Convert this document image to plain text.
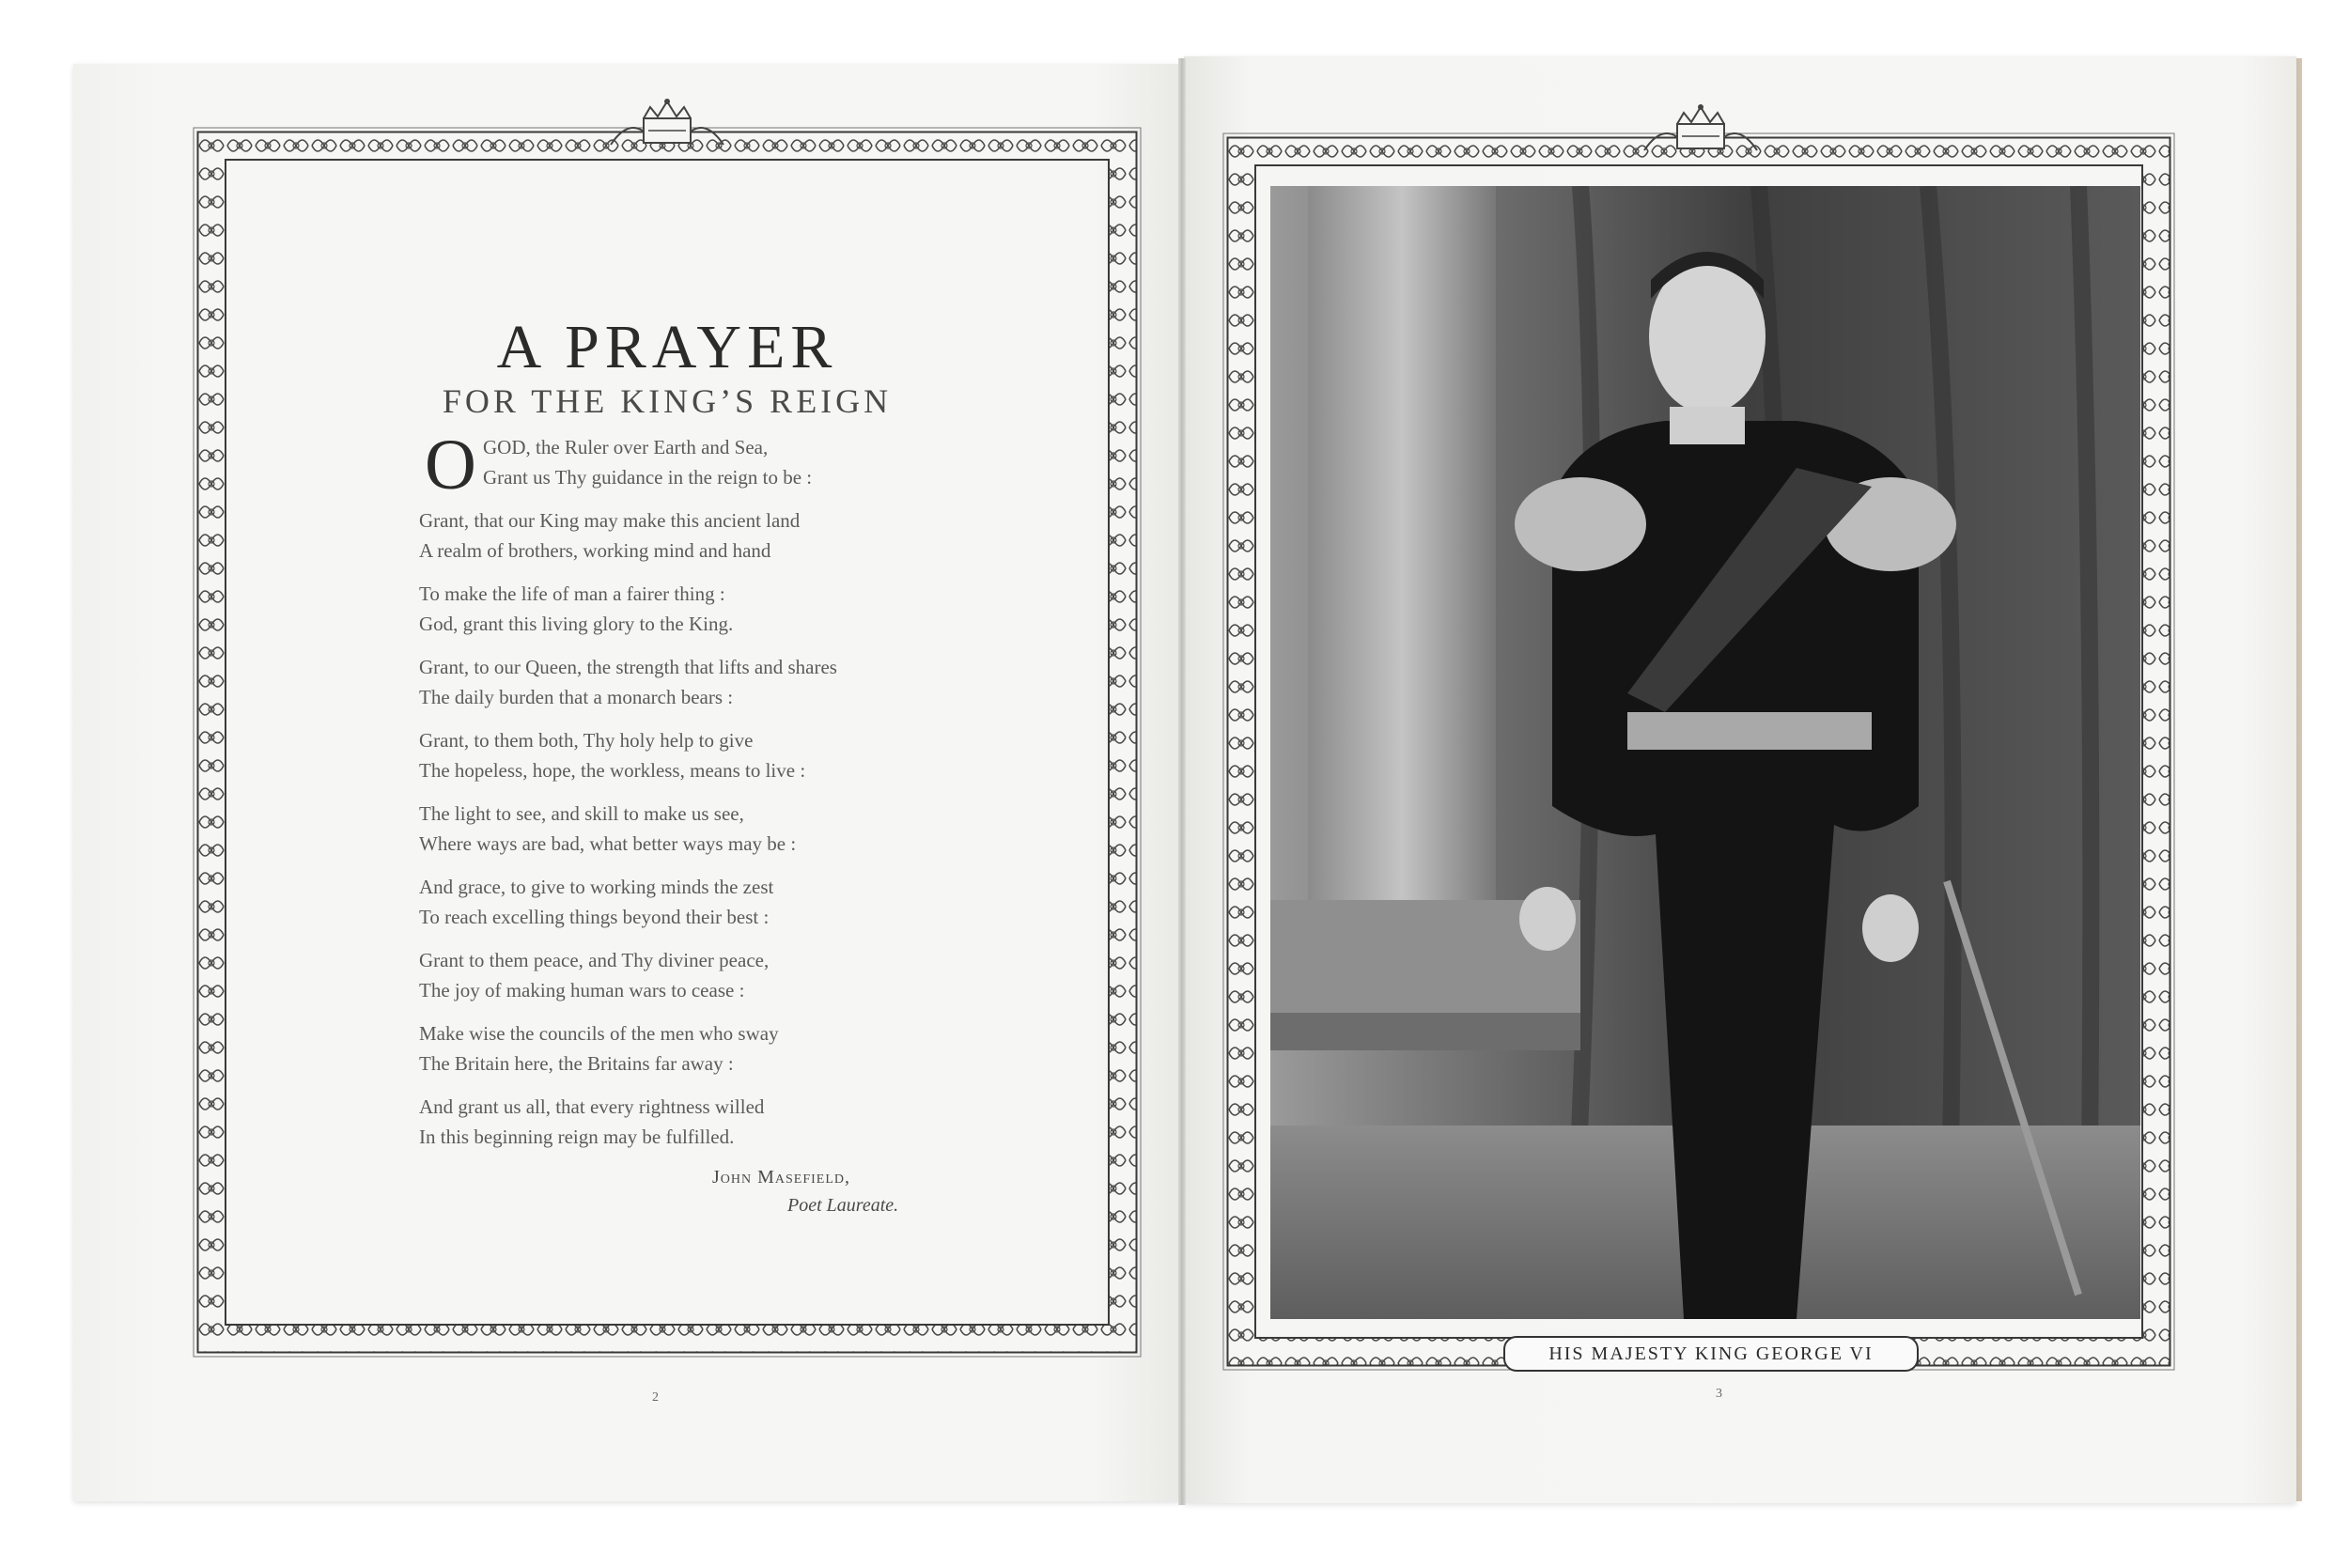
A PRAYER
FOR THE KING’S REIGN
O GOD, the Ruler over Earth and Sea,
Grant us Thy guidance in the reign to be :
Grant, that our King may make this ancient land
A realm of brothers, working mind and hand
To make the life of man a fairer thing :
God, grant this living glory to the King.
Grant, to our Queen, the strength that lifts and shares
The daily burden that a monarch bears :
Grant, to them both, Thy holy help to give
The hopeless, hope, the workless, means to live :
The light to see, and skill to make us see,
Where ways are bad, what better ways may be :
And grace, to give to working minds the zest
To reach excelling things beyond their best :
Grant to them peace, and Thy diviner peace,
The joy of making human wars to cease :
Make wise the councils of the men who sway
The Britain here, the Britains far away :
And grant us all, that every rightness willed
In this beginning reign may be fulfilled.
John Masefield,
Poet Laureate.
2
HIS MAJESTY KING GEORGE VI
3
